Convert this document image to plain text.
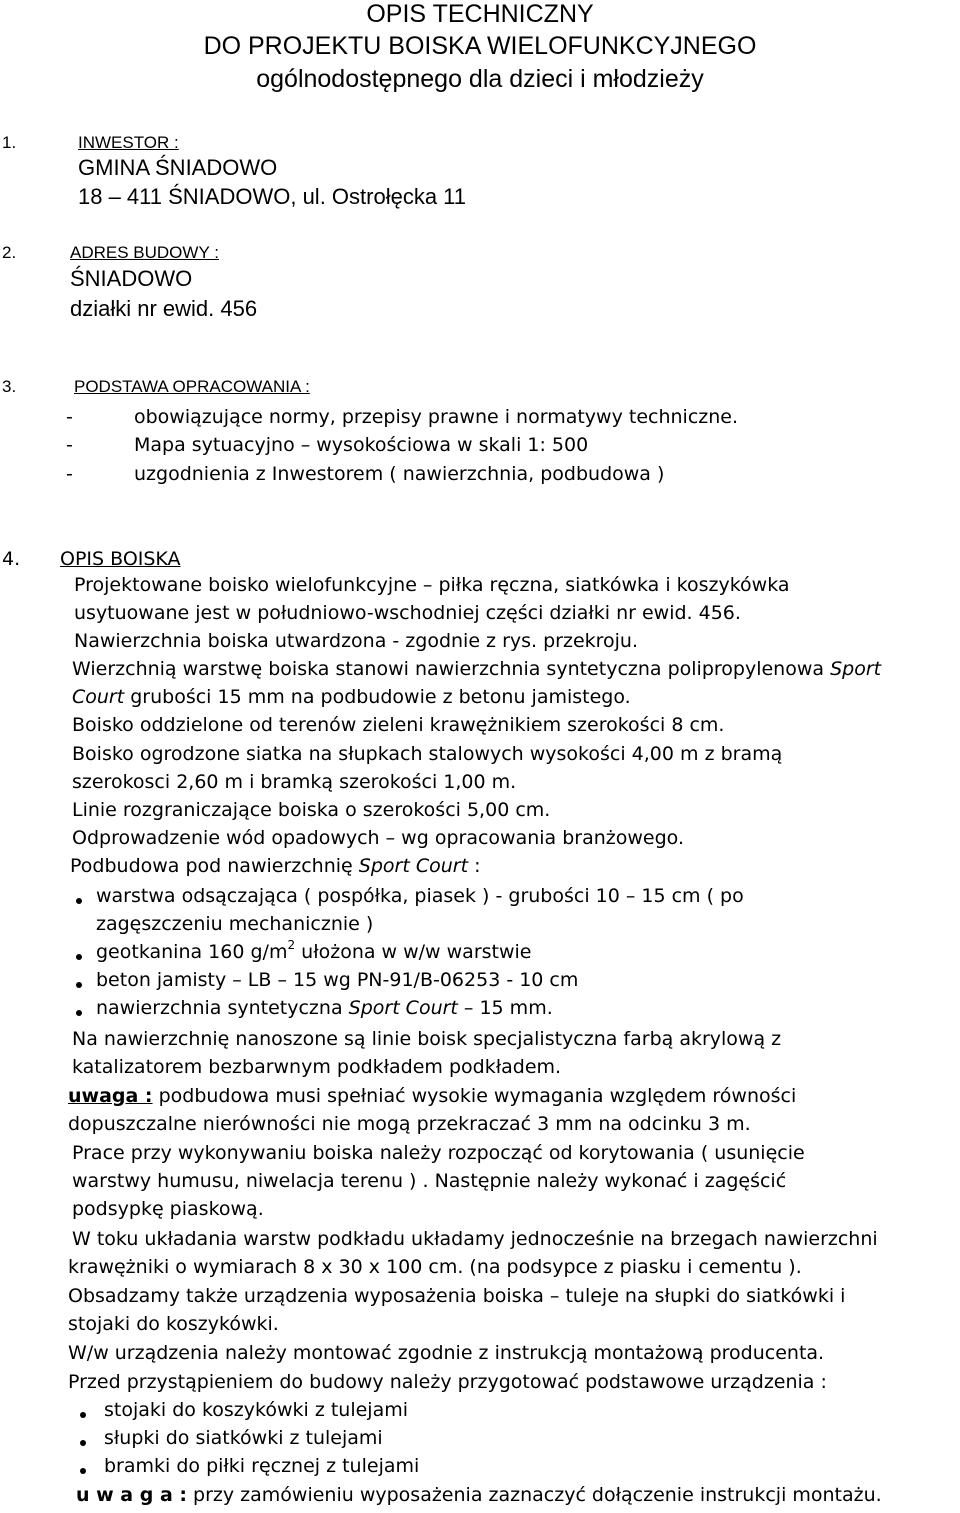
OPIS TECHNICZNY
DO PROJEKTU BOISKA WIELOFUNKCYJNEGO
ogólnodostępnego dla dzieci i młodzieży
1.	INWESTOR :
GMINA ŚNIADOWO
18 – 411 ŚNIADOWO, ul. Ostrołęcka 11
2.	ADRES BUDOWY :
ŚNIADOWO
działki nr ewid. 456
3.	PODSTAWA OPRACOWANIA :
-	obowiązujące normy, przepisy prawne i normatywy techniczne.
-	Mapa sytuacyjno – wysokościowa w skali 1: 500
-	uzgodnienia z Inwestorem ( nawierzchnia, podbudowa )
4. OPIS BOISKA
Projektowane boisko wielofunkcyjne – piłka ręczna, siatkówka i koszykówka
usytuowane jest w południowo-wschodniej części działki nr ewid. 456.
Nawierzchnia boiska utwardzona - zgodnie z rys. przekroju.
Wierzchnią warstwę boiska stanowi nawierzchnia syntetyczna polipropylenowa Sport
Court grubości 15 mm na podbudowie z betonu jamistego.
Boisko oddzielone od terenów zieleni krawężnikiem szerokości 8 cm.
Boisko ogrodzone siatka na słupkach stalowych wysokości 4,00 m z bramą
szerokosci 2,60 m i bramką szerokości 1,00 m.
Linie rozgraniczające boiska o szerokości 5,00 cm.
Odprowadzenie wód opadowych – wg opracowania branżowego.
Podbudowa pod nawierzchnię Sport Court :
warstwa odsączająca ( pospółka, piasek ) - grubości 10 – 15 cm ( po
zagęszczeniu mechanicznie )
geotkanina 160 $g/m^2$ ułożona w w/w warstwie
beton jamisty – LB – 15 wg PN-91/B-06253 - 10 cm
nawierzchnia syntetyczna Sport Court – 15 mm.
Na nawierzchnię nanoszone są linie boisk specjalistyczna farbą akrylową z
katalizatorem bezbarwnym podkładem podkładem.
uwaga : podbudowa musi spełniać wysokie wymagania względem równości
dopuszczalne nierówności nie mogą przekraczać 3 mm na odcinku 3 m.
Prace przy wykonywaniu boiska należy rozpocząć od korytowania ( usunięcie
warstwy humusu, niwelacja terenu ) . Następnie należy wykonać i zagęścić
podsypkę piaskową.
W toku układania warstw podkładu układamy jednocześnie na brzegach nawierzchni
krawężniki o wymiarach 8 x 30 x 100 cm. (na podsypce z piasku i cementu ).
Obsadzamy także urządzenia wyposażenia boiska – tuleje na słupki do siatkówki i
stojaki do koszykówki.
W/w urządzenia należy montować zgodnie z instrukcją montażową producenta.
Przed przystąpieniem do budowy należy przygotować podstawowe urządzenia :
stojaki do koszykówki z tulejami
słupki do siatkówki z tulejami
bramki do piłki ręcznej z tulejami
u w a g a : przy zamówieniu wyposażenia zaznaczyć dołączenie instrukcji montażu.
